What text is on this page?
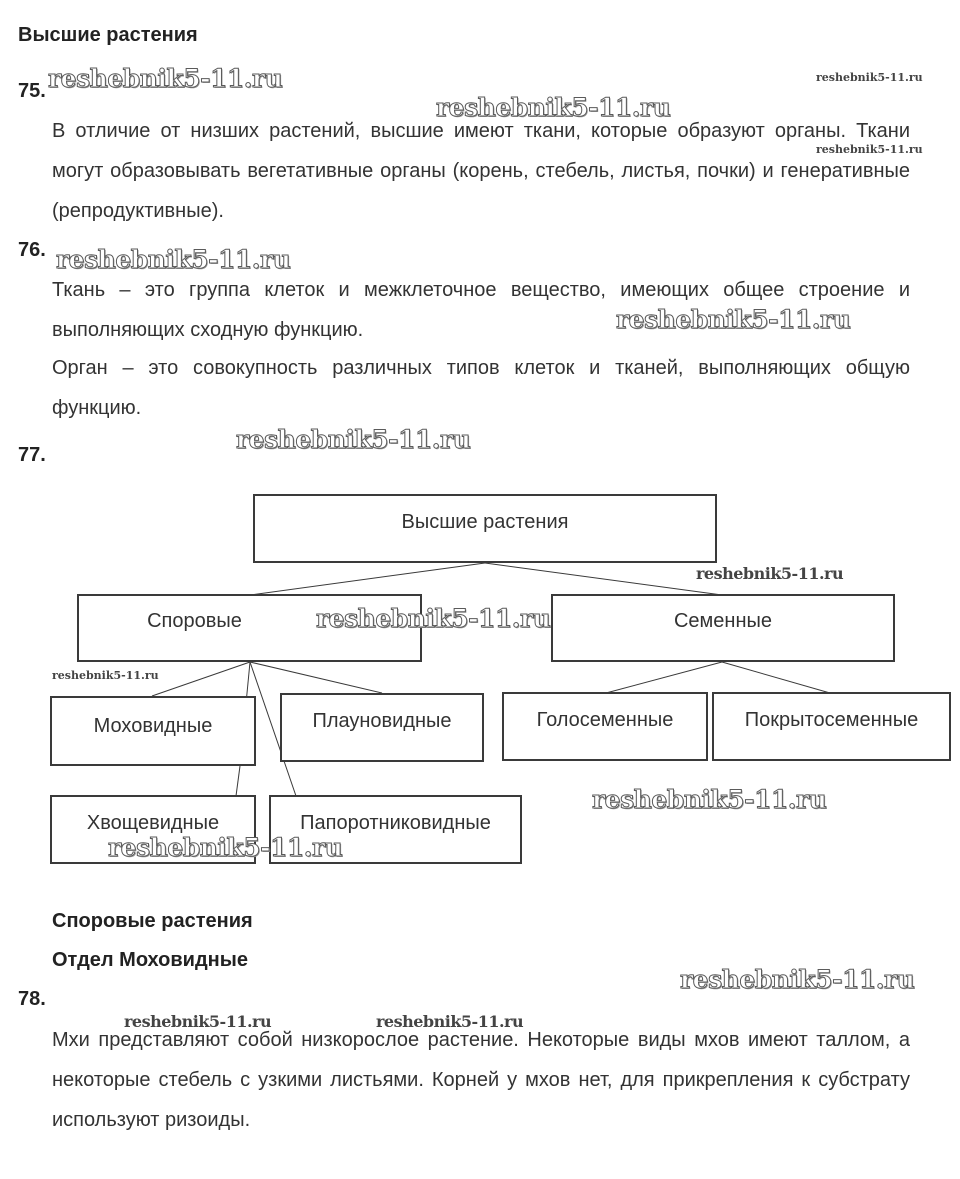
Высшие растения
75.

В отличие от низших растений, высшие имеют ткани, которые образуют органы. Ткани могут образовывать вегетативные органы (корень, стебель, листья, почки) и генеративные (репродуктивные).

76.

Ткань – это группа клеток и межклеточное вещество, имеющих общее строение и выполняющих сходную функцию.

Орган – это совокупность различных типов клеток и тканей, выполняющих общую функцию.

77.
Высшие растения
Споровые	Семенные
Моховидные	Плауновидные
Хвощевидные	Папоротниковидные
Голосеменные	Покрытосеменные
Споровые растения
Отдел Моховидные
78.

Мхи представляют собой низкорослое растение. Некоторые виды мхов имеют таллом, а некоторые стебель с узкими листьями. Корней у мхов нет, для прикрепления к субстрату используют ризоиды.

reshebnik5-11.ru	reshebnik5-11.ru
reshebnik5-11.ru
reshebnik5-11.ru
reshebnik5-11.ru
reshebnik5-11.ru
reshebnik5-11.ru
reshebnik5-11.ru
reshebnik5-11.ru
reshebnik5-11.ru
reshebnik5-11.ru
reshebnik5-11.ru
reshebnik5-11.ru
reshebnik5-11.ru	reshebnik5-11.ru
